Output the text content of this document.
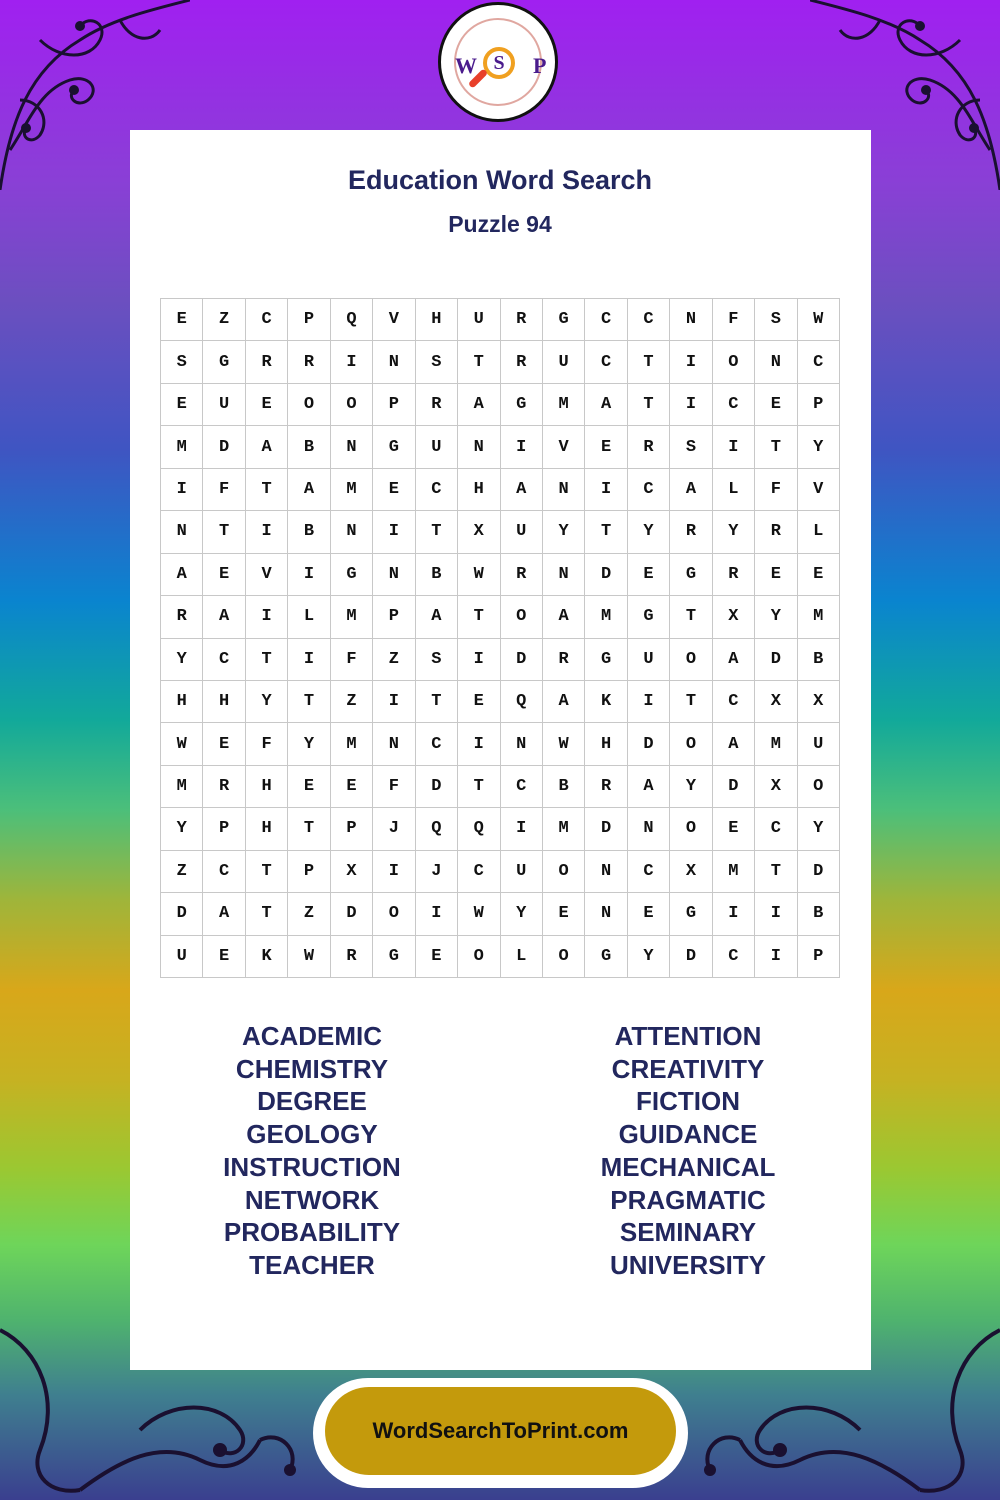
W S	P
Education Word Search
Puzzle 94
E	Z	C	P	Q	V	H	U	R	G	C	C	N	F	S	W
S	G	R	R	I	N	S	T	R	U	C	T	I	O	N	C
E	U	E	O	O	P	R	A	G	M	A	T	I	C	E	P
M	D	A	B	N	G	U	N	I	V	E	R	S	I	T	Y
I	F	T	A	M	E	C	H	A	N	I	C	A	L	F	V
N	T	I	B	N	I	T	X	U	Y	T	Y	R	Y	R	L
A	E	V	I	G	N	B	W	R	N	D	E	G	R	E	E
R	A	I	L	M	P	A	T	O	A	M	G	T	X	Y	M
Y	C	T	I	F	Z	S	I	D	R	G	U	O	A	D	B
H	H	Y	T	Z	I	T	E	Q	A	K	I	T	C	X	X
W	E	F	Y	M	N	C	I	N	W	H	D	O	A	M	U
M	R	H	E	E	F	D	T	C	B	R	A	Y	D	X	O
Y	P	H	T	P	J	Q	Q	I	M	D	N	O	E	C	Y
Z	C	T	P	X	I	J	C	U	O	N	C	X	M	T	D
D	A	T	Z	D	O	I	W	Y	E	N	E	G	I	I	B
U	E	K	W	R	G	E	O	L	O	G	Y	D	C	I	P
ACADEMIC
CHEMISTRY
DEGREE
GEOLOGY
INSTRUCTION
NETWORK
PROBABILITY
TEACHER
ATTENTION
CREATIVITY
FICTION
GUIDANCE
MECHANICAL
PRAGMATIC
SEMINARY
UNIVERSITY
WordSearchToPrint.com
